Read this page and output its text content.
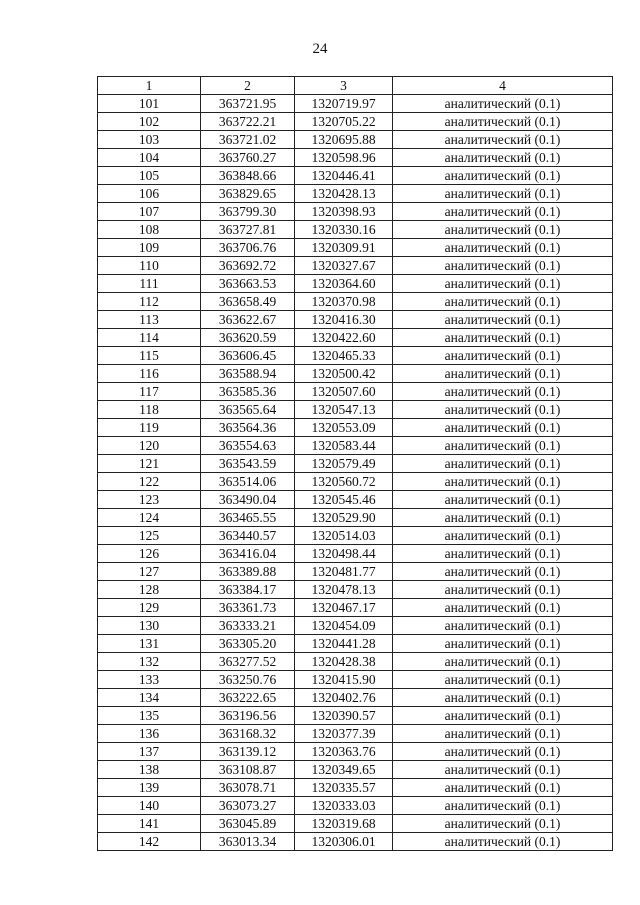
24
1	2	3	4
101	363721.95	1320719.97	аналитический (0.1)
102	363722.21	1320705.22	аналитический (0.1)
103	363721.02	1320695.88	аналитический (0.1)
104	363760.27	1320598.96	аналитический (0.1)
105	363848.66	1320446.41	аналитический (0.1)
106	363829.65	1320428.13	аналитический (0.1)
107	363799.30	1320398.93	аналитический (0.1)
108	363727.81	1320330.16	аналитический (0.1)
109	363706.76	1320309.91	аналитический (0.1)
110	363692.72	1320327.67	аналитический (0.1)
111	363663.53	1320364.60	аналитический (0.1)
112	363658.49	1320370.98	аналитический (0.1)
113	363622.67	1320416.30	аналитический (0.1)
114	363620.59	1320422.60	аналитический (0.1)
115	363606.45	1320465.33	аналитический (0.1)
116	363588.94	1320500.42	аналитический (0.1)
117	363585.36	1320507.60	аналитический (0.1)
118	363565.64	1320547.13	аналитический (0.1)
119	363564.36	1320553.09	аналитический (0.1)
120	363554.63	1320583.44	аналитический (0.1)
121	363543.59	1320579.49	аналитический (0.1)
122	363514.06	1320560.72	аналитический (0.1)
123	363490.04	1320545.46	аналитический (0.1)
124	363465.55	1320529.90	аналитический (0.1)
125	363440.57	1320514.03	аналитический (0.1)
126	363416.04	1320498.44	аналитический (0.1)
127	363389.88	1320481.77	аналитический (0.1)
128	363384.17	1320478.13	аналитический (0.1)
129	363361.73	1320467.17	аналитический (0.1)
130	363333.21	1320454.09	аналитический (0.1)
131	363305.20	1320441.28	аналитический (0.1)
132	363277.52	1320428.38	аналитический (0.1)
133	363250.76	1320415.90	аналитический (0.1)
134	363222.65	1320402.76	аналитический (0.1)
135	363196.56	1320390.57	аналитический (0.1)
136	363168.32	1320377.39	аналитический (0.1)
137	363139.12	1320363.76	аналитический (0.1)
138	363108.87	1320349.65	аналитический (0.1)
139	363078.71	1320335.57	аналитический (0.1)
140	363073.27	1320333.03	аналитический (0.1)
141	363045.89	1320319.68	аналитический (0.1)
142	363013.34	1320306.01	аналитический (0.1)
